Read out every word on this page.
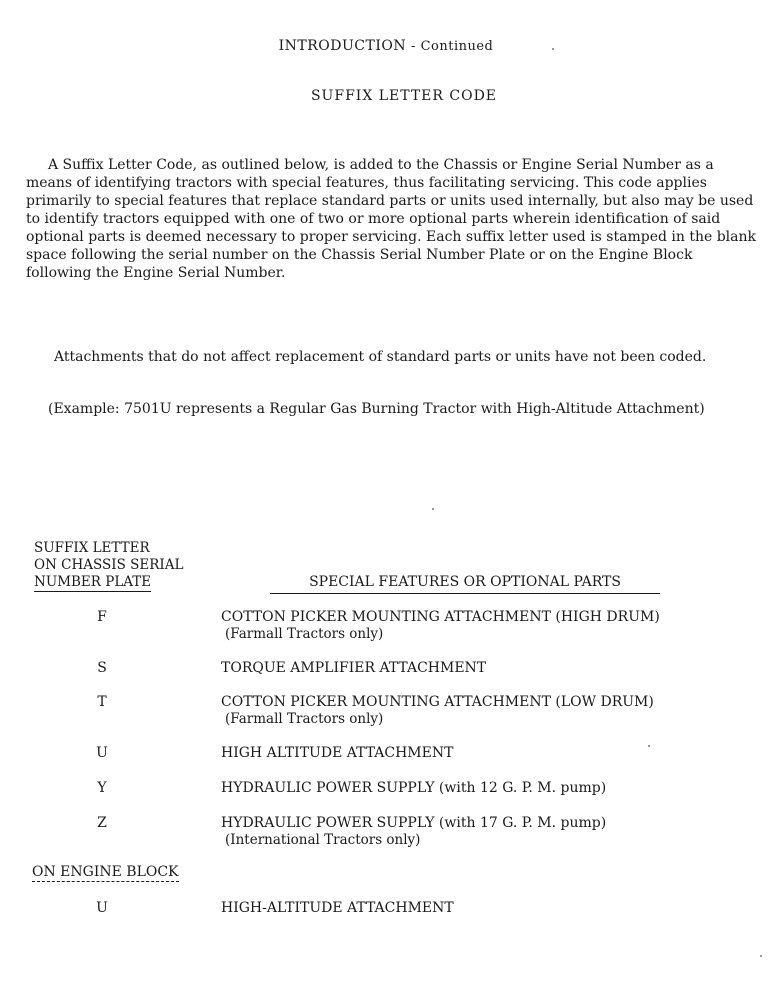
INTRODUCTION - Continued
SUFFIX LETTER CODE

A Suffix Letter Code, as outlined below, is added to the Chassis or Engine Serial Number as a means of identifying tractors with special features, thus facilitating servicing. This code applies primarily to special features that replace standard parts or units used internally, but also may be used to identify tractors equipped with one of two or more optional parts wherein identification of said optional parts is deemed necessary to proper servicing. Each suffix letter used is stamped in the blank space following the serial number on the Chassis Serial Number Plate or on the Engine Block following the Engine Serial Number.

Attachments that do not affect replacement of standard parts or units have not been coded.

(Example: 7501U represents a Regular Gas Burning Tractor with High-Altitude Attachment)

SUFFIX LETTER
ON CHASSIS SERIAL
NUMBER PLATE	SPECIAL FEATURES OR OPTIONAL PARTS
F	COTTON PICKER MOUNTING ATTACHMENT (HIGH DRUM)
(Farmall Tractors only)
S	TORQUE AMPLIFIER ATTACHMENT
T	COTTON PICKER MOUNTING ATTACHMENT (LOW DRUM)
(Farmall Tractors only)
U	HIGH ALTITUDE ATTACHMENT
Y	HYDRAULIC POWER SUPPLY (with 12 G. P. M. pump)
Z	HYDRAULIC POWER SUPPLY (with 17 G. P. M. pump)
(International Tractors only)
ON ENGINE BLOCK
U	HIGH-ALTITUDE ATTACHMENT
